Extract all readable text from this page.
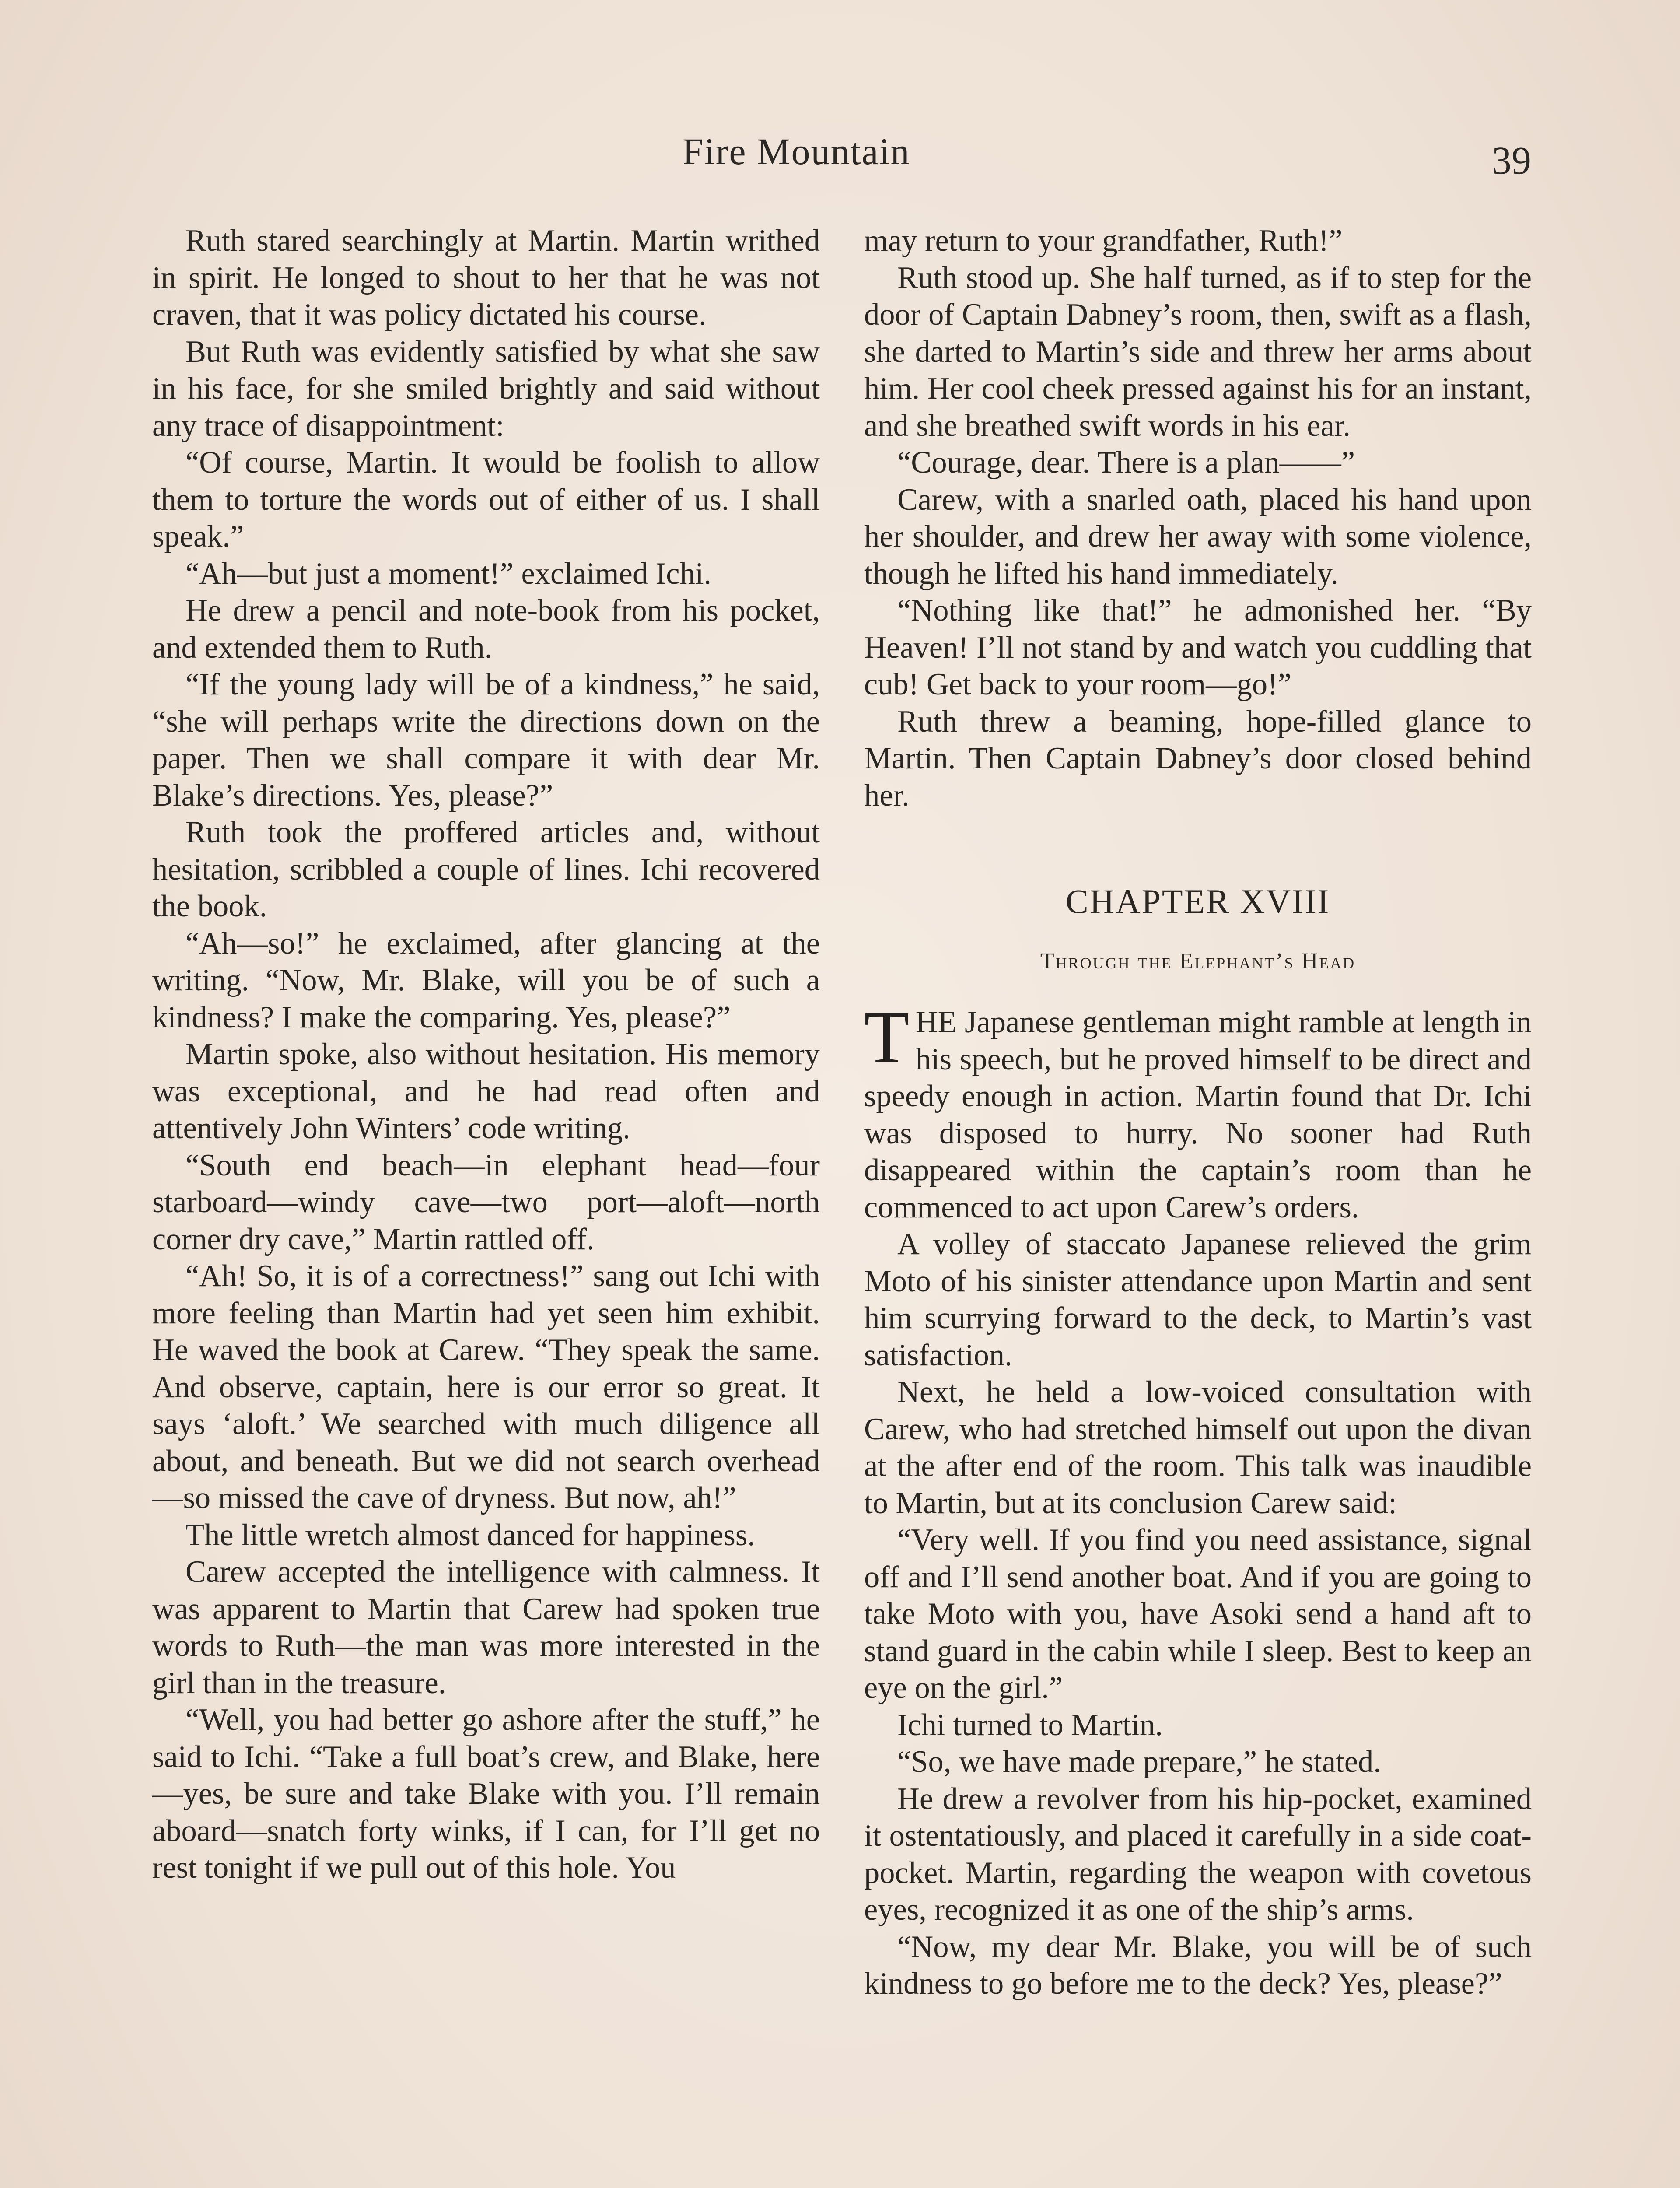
Fire Mountain	39

Ruth stared searchingly at Martin. Martin writhed in spirit. He longed to shout to her that he was not craven, that it was policy dictated his course.

But Ruth was evidently satisfied by what she saw in his face, for she smiled brightly and said without any trace of disappointment:

“Of course, Martin. It would be foolish to allow them to torture the words out of either of us. I shall speak.”

“Ah—but just a moment!” exclaimed Ichi.

He drew a pencil and note-book from his pocket, and extended them to Ruth.

“If the young lady will be of a kindness,” he said, “she will perhaps write the directions down on the paper. Then we shall compare it with dear Mr. Blake’s directions. Yes, please?”

Ruth took the proffered articles and, without hesitation, scribbled a couple of lines. Ichi recovered the book.

“Ah—so!” he exclaimed, after glancing at the writing. “Now, Mr. Blake, will you be of such a kindness? I make the comparing. Yes, please?”

Martin spoke, also without hesitation. His memory was exceptional, and he had read often and attentively John Winters’ code writing.

“South end beach—in elephant head—four starboard—windy cave—two port—aloft—north corner dry cave,” Martin rattled off.

“Ah! So, it is of a correctness!” sang out Ichi with more feeling than Martin had yet seen him exhibit. He waved the book at Carew. “They speak the same. And observe, captain, here is our error so great. It says ‘aloft.’ We searched with much diligence all about, and beneath. But we did not search overhead—so missed the cave of dryness. But now, ah!”

The little wretch almost danced for happiness.

Carew accepted the intelligence with calmness. It was apparent to Martin that Carew had spoken true words to Ruth—the man was more interested in the girl than in the treasure.

“Well, you had better go ashore after the stuff,” he said to Ichi. “Take a full boat’s crew, and Blake, here—yes, be sure and take Blake with you. I’ll remain aboard—snatch forty winks, if I can, for I’ll get no rest tonight if we pull out of this hole. You

may return to your grandfather, Ruth!”

Ruth stood up. She half turned, as if to step for the door of Captain Dabney’s room, then, swift as a flash, she darted to Martin’s side and threw her arms about him. Her cool cheek pressed against his for an instant, and she breathed swift words in his ear.

“Courage, dear. There is a plan——”

Carew, with a snarled oath, placed his hand upon her shoulder, and drew her away with some violence, though he lifted his hand immediately.

“Nothing like that!” he admonished her. “By Heaven! I’ll not stand by and watch you cuddling that cub! Get back to your room—go!”

Ruth threw a beaming, hope-filled glance to Martin. Then Captain Dabney’s door closed behind her.

CHAPTER XVIII
Through the Elephant’s Head

THE Japanese gentleman might ramble at length in his speech, but he proved himself to be direct and speedy enough in action. Martin found that Dr. Ichi was disposed to hurry. No sooner had Ruth disappeared within the captain’s room than he commenced to act upon Carew’s orders.

A volley of staccato Japanese relieved the grim Moto of his sinister attendance upon Martin and sent him scurrying forward to the deck, to Martin’s vast satisfaction.

Next, he held a low-voiced consultation with Carew, who had stretched himself out upon the divan at the after end of the room. This talk was inaudible to Martin, but at its conclusion Carew said:

“Very well. If you find you need assistance, signal off and I’ll send another boat. And if you are going to take Moto with you, have Asoki send a hand aft to stand guard in the cabin while I sleep. Best to keep an eye on the girl.”

Ichi turned to Martin.

“So, we have made prepare,” he stated.

He drew a revolver from his hip-pocket, examined it ostentatiously, and placed it carefully in a side coat-pocket. Martin, regarding the weapon with covetous eyes, recognized it as one of the ship’s arms.

“Now, my dear Mr. Blake, you will be of such kindness to go before me to the deck? Yes, please?”
